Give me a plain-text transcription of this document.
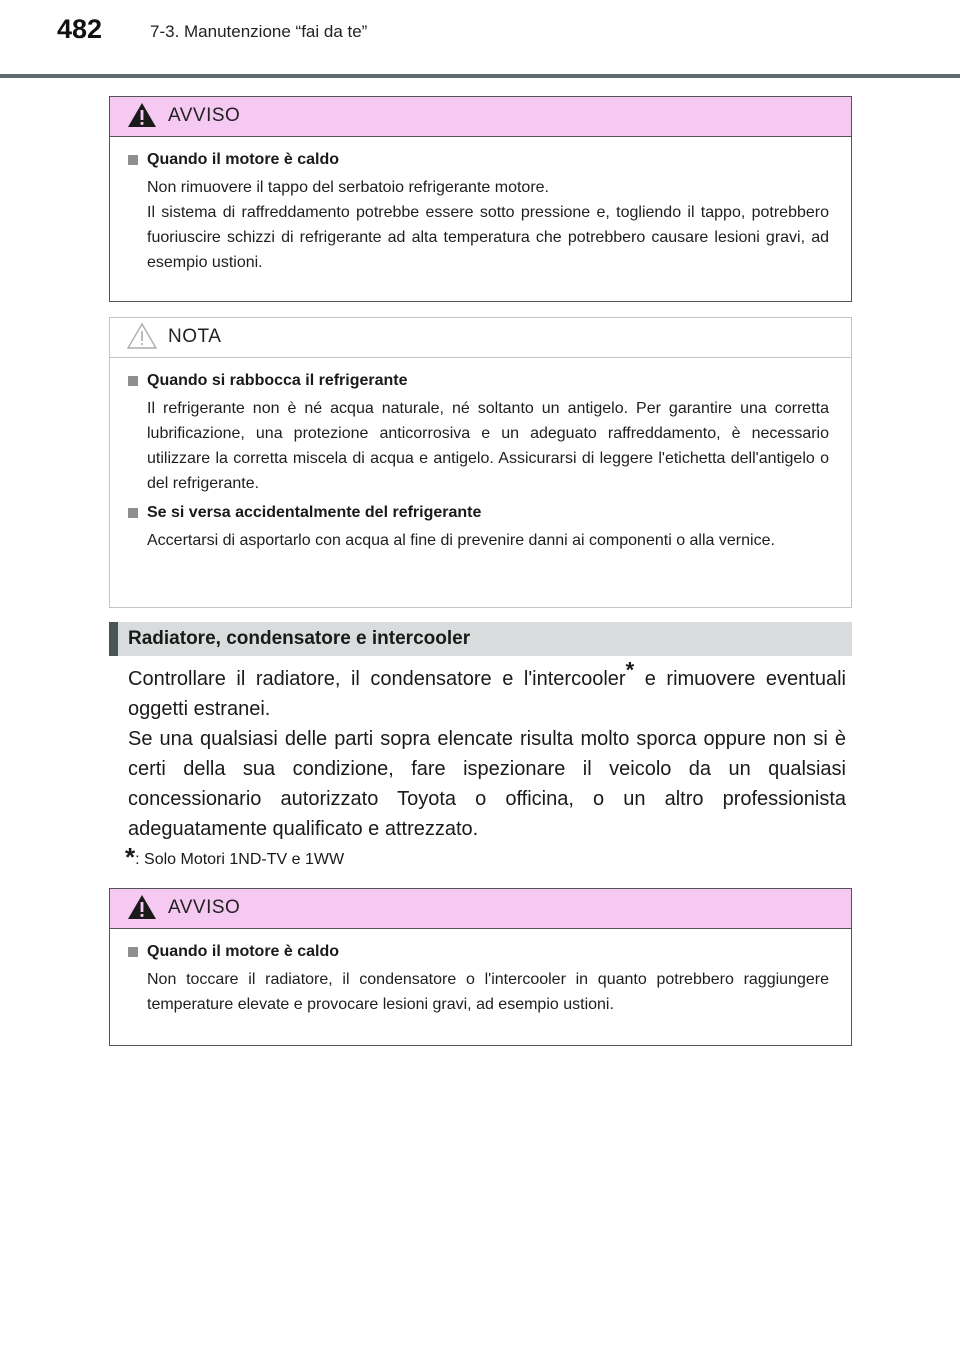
482	7-3. Manutenzione “fai da te”
AVVISO
Quando il motore è caldo

Non rimuovere il tappo del serbatoio refrigerante motore.

Il sistema di raffreddamento potrebbe essere sotto pressione e, togliendo il tappo, potrebbero fuoriuscire schizzi di refrigerante ad alta temperatura che potrebbero causare lesioni gravi, ad esempio ustioni.

NOTA
Quando si rabbocca il refrigerante

Il refrigerante non è né acqua naturale, né soltanto un antigelo. Per garantire una corretta lubrificazione, una protezione anticorrosiva e un adeguato raffreddamento, è necessario utilizzare la corretta miscela di acqua e antigelo. Assicurarsi di leggere l'etichetta dell'antigelo o del refrigerante.

Se si versa accidentalmente del refrigerante

Accertarsi di asportarlo con acqua al fine di prevenire danni ai componenti o alla vernice.

Radiatore, condensatore e intercooler

Controllare il radiatore, il condensatore e l'intercooler* e rimuovere eventuali oggetti estranei.

Se una qualsiasi delle parti sopra elencate risulta molto sporca oppure non si è certi della sua condizione, fare ispezionare il veicolo da un qualsiasi concessionario autorizzato Toyota o officina, o un altro professionista adeguatamente qualificato e attrezzato.

*: Solo Motori 1ND-TV e 1WW
AVVISO
Quando il motore è caldo

Non toccare il radiatore, il condensatore o l'intercooler in quanto potrebbero raggiungere temperature elevate e provocare lesioni gravi, ad esempio ustioni.
